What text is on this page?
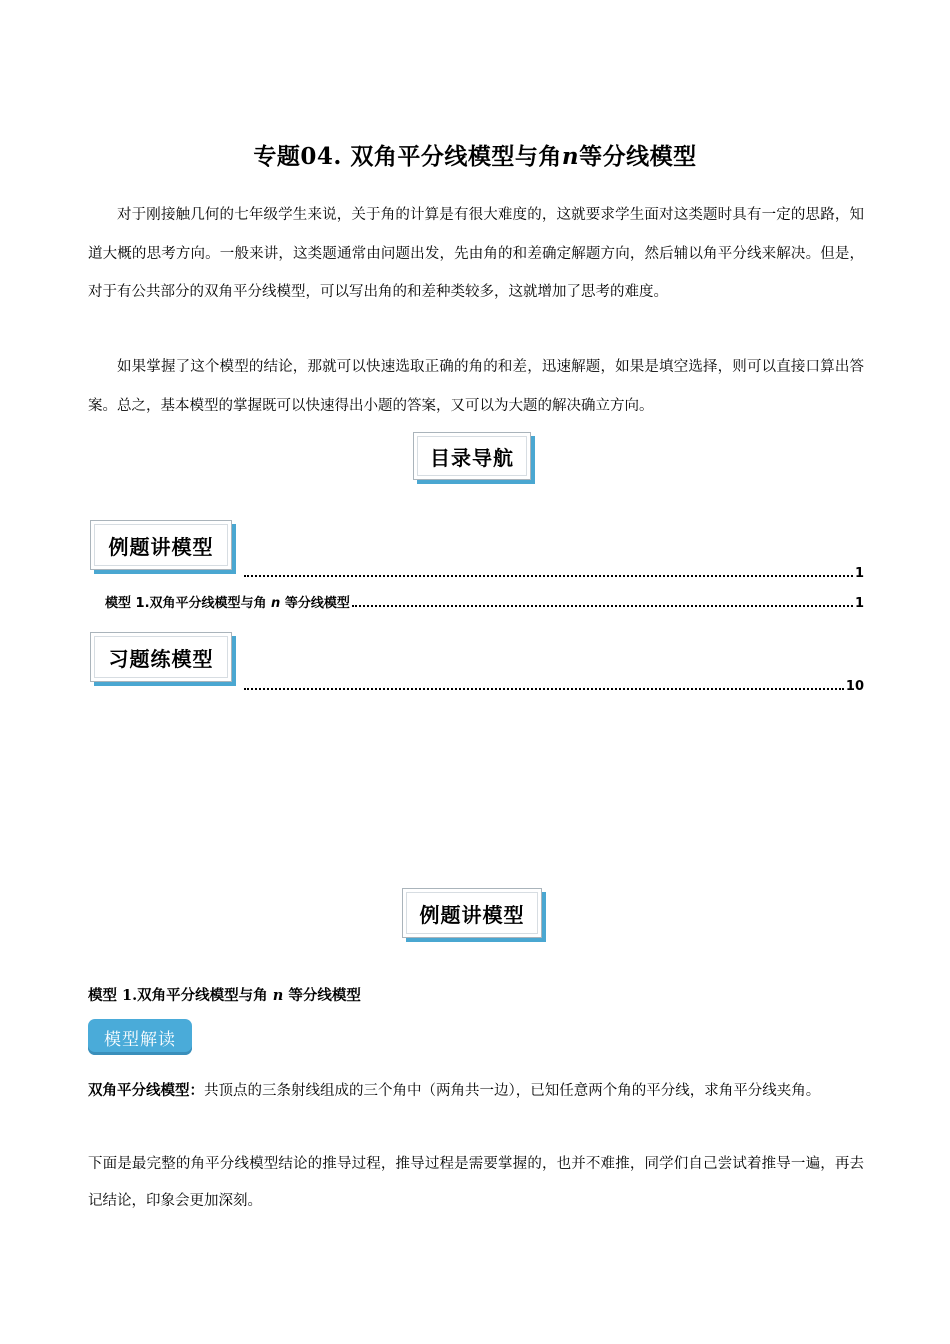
专题04. 双角平分线模型与角n等分线模型

对于刚接触几何的七年级学生来说，关于角的计算是有很大难度的，这就要求学生面对这类题时具有一定的思路，知道大概的思考方向。一般来讲，这类题通常由问题出发，先由角的和差确定解题方向，然后辅以角平分线来解决。但是，对于有公共部分的双角平分线模型，可以写出角的和差种类较多，这就增加了思考的难度。

如果掌握了这个模型的结论，那就可以快速选取正确的角的和差，迅速解题，如果是填空选择，则可以直接口算出答案。总之，基本模型的掌握既可以快速得出小题的答案，又可以为大题的解决确立方向。

目录导航
例题讲模型
1
模型 1.双角平分线模型与角 n 等分线模型	1
习题练模型
10
例题讲模型
模型 1.双角平分线模型与角 n 等分线模型
模型解读

双角平分线模型：共顶点的三条射线组成的三个角中（两角共一边），已知任意两个角的平分线，求角平分线夹角。

下面是最完整的角平分线模型结论的推导过程，推导过程是需要掌握的，也并不难推，同学们自己尝试着推导一遍，再去记结论，印象会更加深刻。
